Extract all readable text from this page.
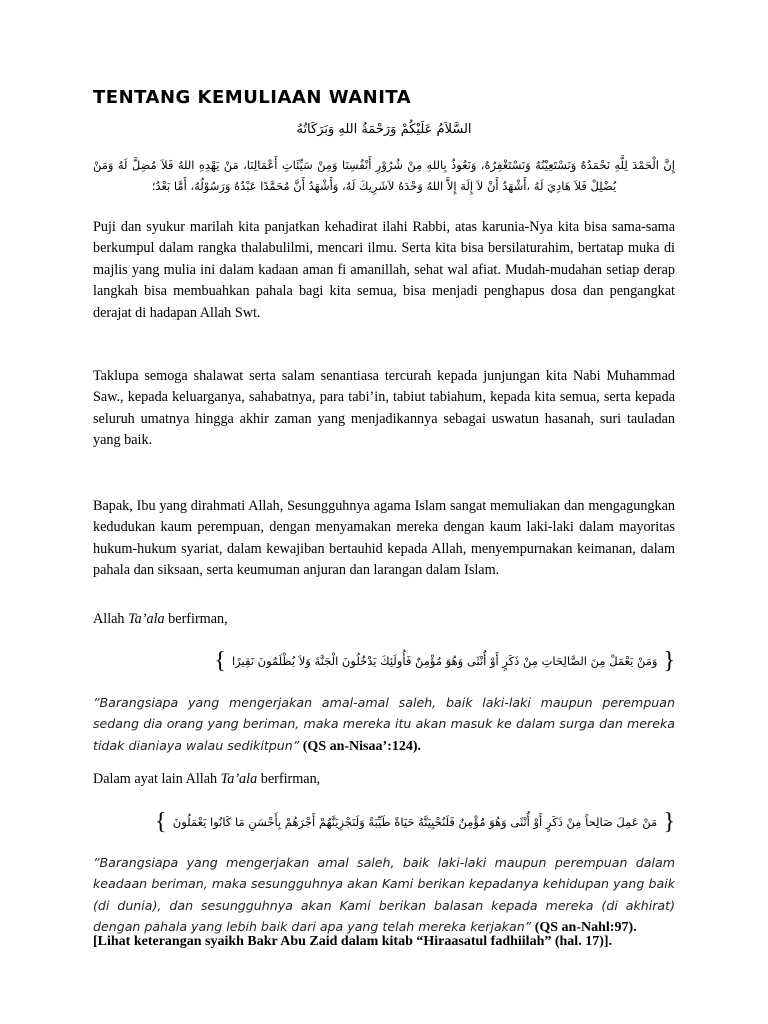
TENTANG KEMULIAAN WANITA
السَّلاَمُ عَلَيْكُمْ وَرَحْمَةُ اللهِ وَبَرَكَاتُهُ
إِنَّ الْحَمْدَ لِلَّهِ نَحْمَدُهُ وَنَسْتَعِيْنُهُ وَنَسْتَغْفِرُهُ، وَنَعُوذُ بِاللهِ مِنْ شُرُوْرِ أَنْفُسِنَا وَمِنْ سَيِّئَاتِ أَعْمَالِنَا، مَنْ يَهْدِهِ اللهُ فَلاَ مُضِلَّ لَهُ وَمَنْ يُضْلِلْ فَلاَ هَادِيَ لَهُ ،أَشْهَدُ أَنْ لاَ إِلَهَ إِلاَّ اللهُ وَحْدَهُ لاَشَرِيكَ لَهُ، وَأَشْهَدُ أَنَّ مُحَمَّدًا عَبْدُهُ وَرَسُوْلُهُ، أَمَّا بَعْدُ؛

Puji dan syukur marilah kita panjatkan kehadirat ilahi Rabbi, atas karunia-Nya kita bisa sama-sama berkumpul dalam rangka thalabulilmi, mencari ilmu. Serta kita bisa bersilaturahim, bertatap muka di majlis yang mulia ini dalam kadaan aman fi amanillah, sehat wal afiat. Mudah-mudahan setiap derap langkah bisa membuahkan pahala bagi kita semua, bisa menjadi penghapus dosa dan pengangkat derajat di hadapan Allah Swt.

Taklupa semoga shalawat serta salam senantiasa tercurah kepada junjungan kita Nabi Muhammad Saw., kepada keluarganya, sahabatnya, para tabi’in, tabiut tabiahum, kepada kita semua, serta kepada seluruh umatnya hingga akhir zaman yang menjadikannya sebagai uswatun hasanah, suri tauladan yang baik.

Bapak, Ibu yang dirahmati Allah, Sesungguhnya agama Islam sangat memuliakan dan mengagungkan kedudukan kaum perempuan, dengan menyamakan mereka dengan kaum laki-laki dalam mayoritas hukum-hukum syariat, dalam kewajiban bertauhid kepada Allah, menyempurnakan keimanan, dalam pahala dan siksaan, serta keumuman anjuran dan larangan dalam Islam.

Allah Ta’ala berfirman,

{
وَمَنْ يَعْمَلْ مِنَ الصَّالِحَاتِ مِنْ ذَكَرٍ أَوْ أُنْثَى وَهُوَ مُؤْمِنٌ فَأُولَئِكَ يَدْخُلُونَ الْجَنَّةَ وَلاَ يُظْلَمُونَ نَقِيرًا
}

”Barangsiapa yang mengerjakan amal-amal saleh, baik laki-laki maupun perempuan sedang dia orang yang beriman, maka mereka itu akan masuk ke dalam surga dan mereka tidak dianiaya walau sedikitpun” (QS an-Nisaa’:124).

Dalam ayat lain Allah Ta’ala berfirman,

{
مَنْ عَمِلَ صَالِحاً مِنْ ذَكَرٍ أَوْ أُنْثَى وَهُوَ مُؤْمِنٌ فَلَنُحْيِيَنَّهُ حَيَاةً طَيِّبَةً وَلَنَجْزِيَنَّهُمْ أَجْرَهُمْ بِأَحْسَنِ مَا كَانُوا يَعْمَلُونَ
}

”Barangsiapa yang mengerjakan amal saleh, baik laki-laki maupun perempuan dalam keadaan beriman, maka sesungguhnya akan Kami berikan kepadanya kehidupan yang baik (di dunia), dan sesungguhnya akan Kami berikan balasan kepada mereka (di akhirat) dengan pahala yang lebih baik dari apa yang telah mereka kerjakan” (QS an-Nahl:97).

[Lihat keterangan syaikh Bakr Abu Zaid dalam kitab “Hiraasatul fadhiilah” (hal. 17)].
